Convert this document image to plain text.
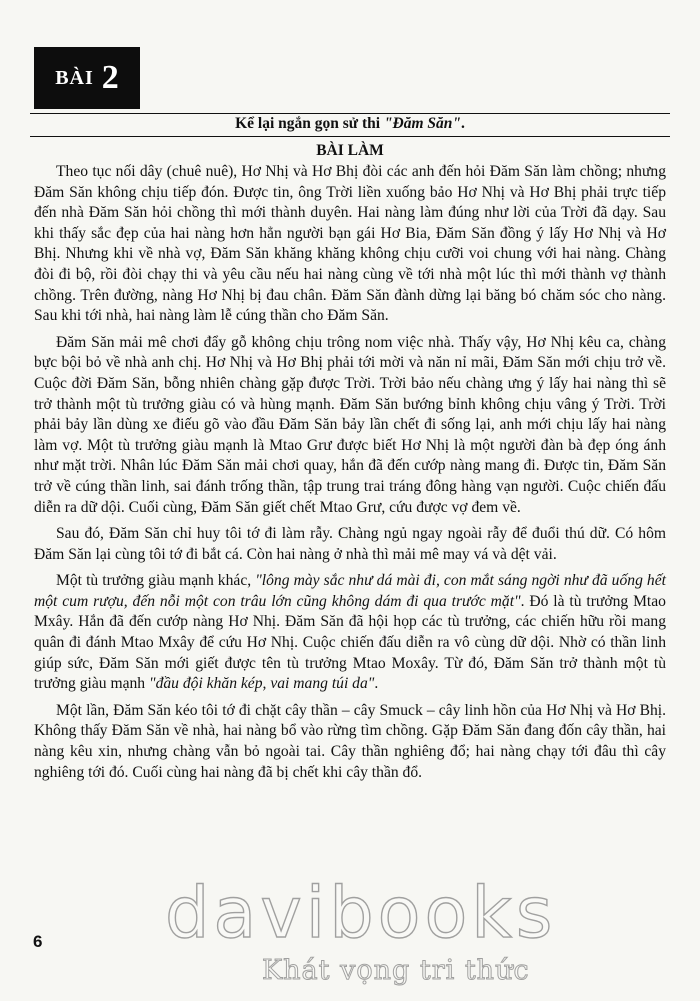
BÀI 2
Kể lại ngắn gọn sử thi "Đăm Săn".
BÀI LÀM

Theo tục nối dây (chuê nuê), Hơ Nhị và Hơ Bhị đòi các anh đến hỏi Đăm Săn làm chồng; nhưng Đăm Săn không chịu tiếp đón. Được tin, ông Trời liền xuống bảo Hơ Nhị và Hơ Bhị phải trực tiếp đến nhà Đăm Săn hỏi chồng thì mới thành duyên. Hai nàng làm đúng như lời của Trời đã dạy. Sau khi thấy sắc đẹp của hai nàng hơn hẳn người bạn gái Hơ Bia, Đăm Săn đồng ý lấy Hơ Nhị và Hơ Bhị. Nhưng khi về nhà vợ, Đăm Săn khăng khăng không chịu cưỡi voi chung với hai nàng. Chàng đòi đi bộ, rồi đòi chạy thi và yêu cầu nếu hai nàng cùng về tới nhà một lúc thì mới thành vợ thành chồng. Trên đường, nàng Hơ Nhị bị đau chân. Đăm Săn đành dừng lại băng bó chăm sóc cho nàng. Sau khi tới nhà, hai nàng làm lễ cúng thần cho Đăm Săn.

Đăm Săn mải mê chơi đẩy gỗ không chịu trông nom việc nhà. Thấy vậy, Hơ Nhị kêu ca, chàng bực bội bỏ về nhà anh chị. Hơ Nhị và Hơ Bhị phải tới mời và năn nỉ mãi, Đăm Săn mới chịu trở về. Cuộc đời Đăm Săn, bỗng nhiên chàng gặp được Trời. Trời bảo nếu chàng ưng ý lấy hai nàng thì sẽ trở thành một tù trưởng giàu có và hùng mạnh. Đăm Săn bướng bỉnh không chịu vâng ý Trời. Trời phải bảy lần dùng xe điếu gõ vào đầu Đăm Săn bảy lần chết đi sống lại, anh mới chịu lấy hai nàng làm vợ. Một tù trưởng giàu mạnh là Mtao Grư được biết Hơ Nhị là một người đàn bà đẹp óng ánh như mặt trời. Nhân lúc Đăm Săn mải chơi quay, hắn đã đến cướp nàng mang đi. Được tin, Đăm Săn trở về cúng thần linh, sai đánh trống thần, tập trung trai tráng đông hàng vạn người. Cuộc chiến đấu diễn ra dữ dội. Cuối cùng, Đăm Săn giết chết Mtao Grư, cứu được vợ đem về.

Sau đó, Đăm Săn chỉ huy tôi tớ đi làm rẫy. Chàng ngủ ngay ngoài rẫy để đuổi thú dữ. Có hôm Đăm Săn lại cùng tôi tớ đi bắt cá. Còn hai nàng ở nhà thì mải mê may vá và dệt vải.

Một tù trưởng giàu mạnh khác, "lông mày sắc như dá mài đi, con mắt sáng ngời như đã uống hết một cum rượu, đến nỗi một con trâu lớn cũng không dám đi qua trước mặt". Đó là tù trưởng Mtao Mxây. Hắn đã đến cướp nàng Hơ Nhị. Đăm Săn đã hội họp các tù trưởng, các chiến hữu rồi mang quân đi đánh Mtao Mxây để cứu Hơ Nhị. Cuộc chiến đấu diễn ra vô cùng dữ dội. Nhờ có thần linh giúp sức, Đăm Săn mới giết được tên tù trưởng Mtao Moxây. Từ đó, Đăm Săn trở thành một tù trưởng giàu mạnh "đầu đội khăn kép, vai mang túi da".

Một lần, Đăm Săn kéo tôi tớ đi chặt cây thần – cây Smuck – cây linh hồn của Hơ Nhị và Hơ Bhị. Không thấy Đăm Săn về nhà, hai nàng bổ vào rừng tìm chồng. Gặp Đăm Săn đang đốn cây thần, hai nàng kêu xin, nhưng chàng vẫn bỏ ngoài tai. Cây thần nghiêng đổ; hai nàng chạy tới đâu thì cây nghiêng tới đó. Cuối cùng hai nàng đã bị chết khi cây thần đổ.

6 davibooks
Khát vọng tri thức
